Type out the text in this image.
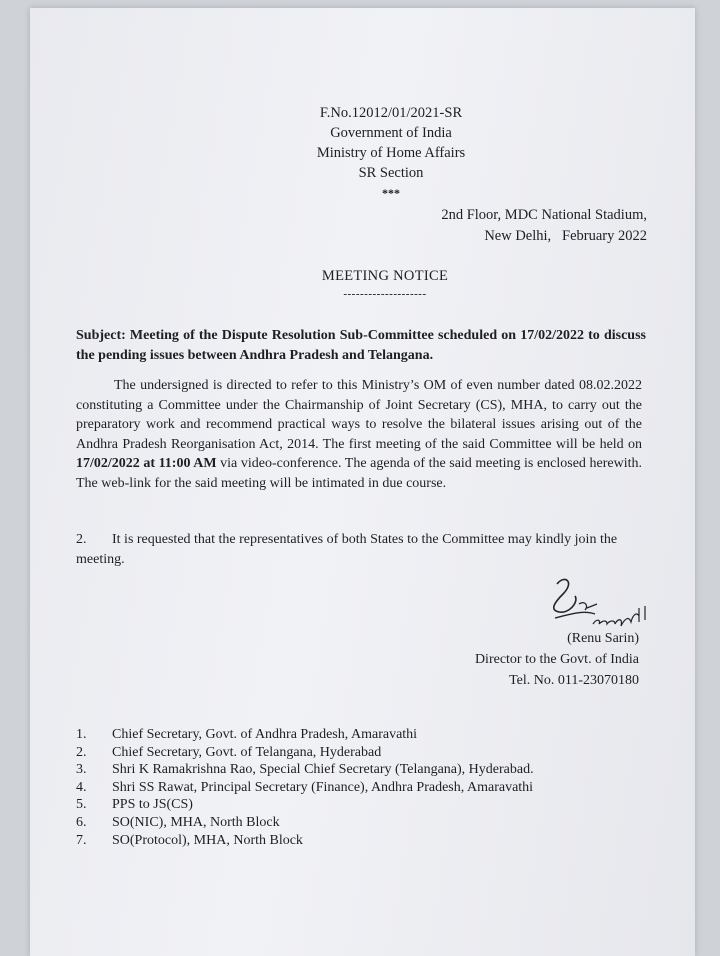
F.No.12012/01/2021-SR
Government of India
Ministry of Home Affairs
SR Section
***
2nd Floor, MDC National Stadium,
New Delhi,   February 2022
MEETING NOTICE
--------------------
Subject: Meeting of the Dispute Resolution Sub-Committee scheduled on 17/02/2022 to discuss the pending issues between Andhra Pradesh and Telangana.
The undersigned is directed to refer to this Ministry’s OM of even number dated 08.02.2022 constituting a Committee under the Chairmanship of Joint Secretary (CS), MHA, to carry out the preparatory work and recommend practical ways to resolve the bilateral issues arising out of the Andhra Pradesh Reorganisation Act, 2014. The first meeting of the said Committee will be held on 17/02/2022 at 11:00 AM via video-conference. The agenda of the said meeting is enclosed herewith. The web-link for the said meeting will be intimated in due course.
2. It is requested that the representatives of both States to the Committee may kindly join the meeting.
(Renu Sarin)
Director to the Govt. of India
Tel. No. 011-23070180
1.	Chief Secretary, Govt. of Andhra Pradesh, Amaravathi
2.	Chief Secretary, Govt. of Telangana, Hyderabad
3.	Shri K Ramakrishna Rao, Special Chief Secretary (Telangana), Hyderabad.
4.	Shri SS Rawat, Principal Secretary (Finance), Andhra Pradesh, Amaravathi
5.	PPS to JS(CS)
6.	SO(NIC), MHA, North Block
7.	SO(Protocol), MHA, North Block
